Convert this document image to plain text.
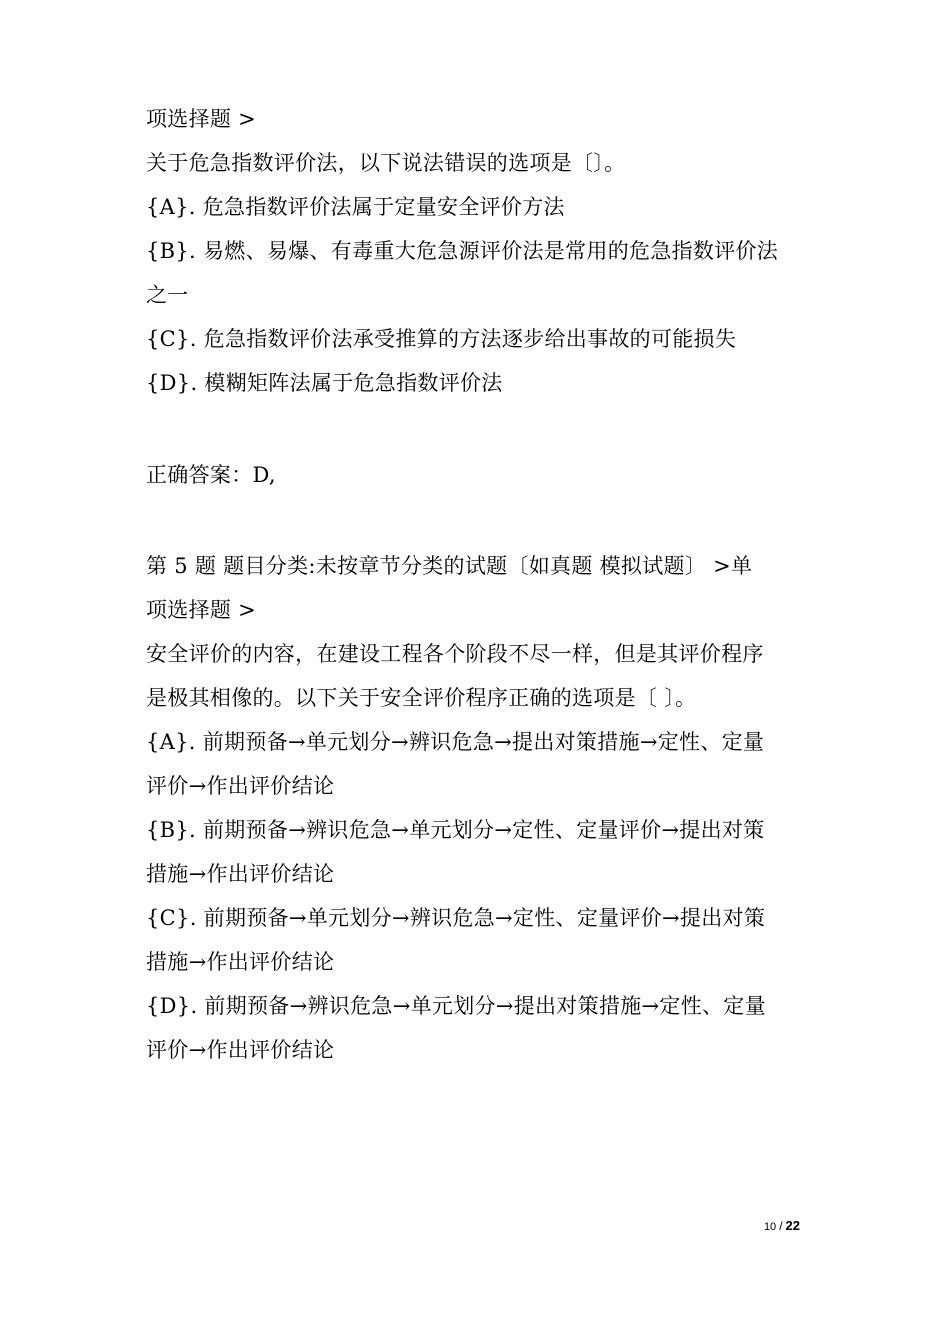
项选择题 >
关于危急指数评价法，以下说法错误的选项是〔〕。
{A}. 危急指数评价法属于定量安全评价方法
{B}. 易燃、易爆、有毒重大危急源评价法是常用的危急指数评价法
之一
{C}. 危急指数评价法承受推算的方法逐步给出事故的可能损失
{D}. 模糊矩阵法属于危急指数评价法
正确答案：D,
第 5 题 题目分类:未按章节分类的试题〔如真题 模拟试题〕 >单
项选择题 >
安全评价的内容，在建设工程各个阶段不尽一样，但是其评价程序
是极其相像的。以下关于安全评价程序正确的选项是〔 〕。
{A}. 前期预备→单元划分→辨识危急→提出对策措施→定性、定量
评价→作出评价结论
{B}. 前期预备→辨识危急→单元划分→定性、定量评价→提出对策
措施→作出评价结论
{C}. 前期预备→单元划分→辨识危急→定性、定量评价→提出对策
措施→作出评价结论
{D}. 前期预备→辨识危急→单元划分→提出对策措施→定性、定量
评价→作出评价结论
10 / 22
